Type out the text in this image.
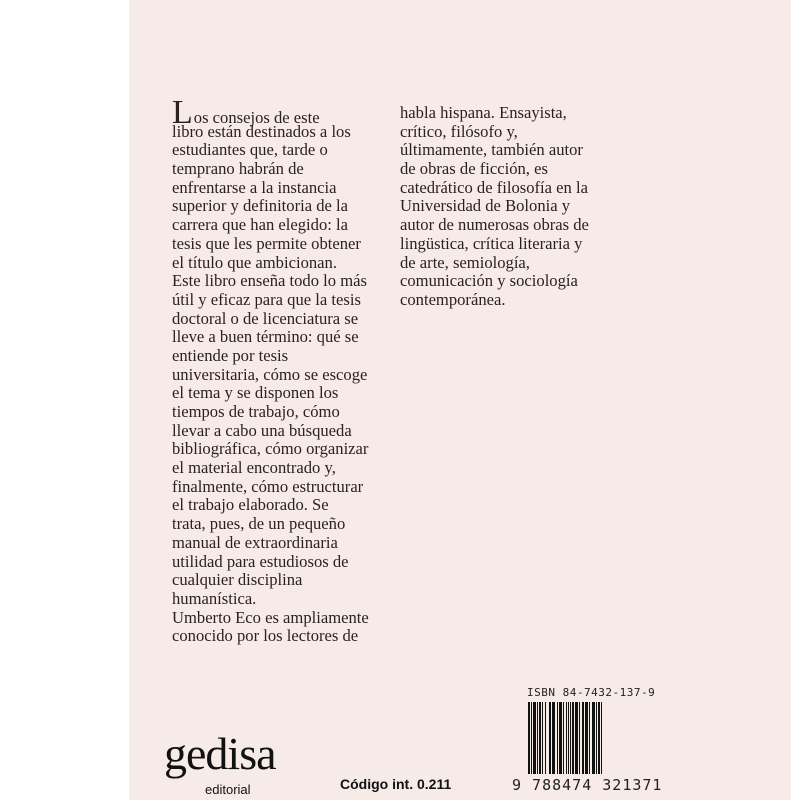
Los consejos de este
libro están destinados a los
estudiantes que, tarde o
temprano habrán de
enfrentarse a la instancia
superior y definitoria de la
carrera que han elegido: la
tesis que les permite obtener
el título que ambicionan.
Este libro enseña todo lo más
útil y eficaz para que la tesis
doctoral o de licenciatura se
lleve a buen término: qué se
entiende por tesis
universitaria, cómo se escoge
el tema y se disponen los
tiempos de trabajo, cómo
llevar a cabo una búsqueda
bibliográfica, cómo organizar
el material encontrado y,
finalmente, cómo estructurar
el trabajo elaborado. Se
trata, pues, de un pequeño
manual de extraordinaria
utilidad para estudiosos de
cualquier disciplina
humanística.
Umberto Eco es ampliamente
conocido por los lectores de
habla hispana. Ensayista,
crítico, filósofo y,
últimamente, también autor
de obras de ficción, es
catedrático de filosofía en la
Universidad de Bolonia y
autor de numerosas obras de
lingüstica, crítica literaria y
de arte, semiología,
comunicación y sociología
contemporánea.
ISBN 84-7432-137-9
9 788474 321371
gedisa
editorial	Código int. 0.211
